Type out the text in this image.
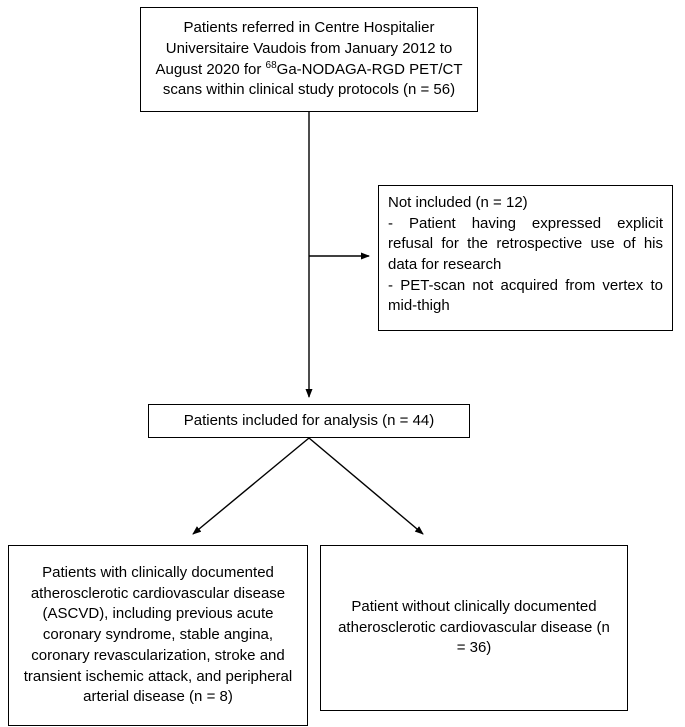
Patients referred in Centre Hospitalier Universitaire Vaudois from January 2012 to August 2020 for $^{68}$Ga-NODAGA-RGD PET/CT scans within clinical study protocols (n = 56)

Not included (n = 12)

- Patient having expressed explicit refusal for the retrospective use of his data for research

- PET-scan not acquired from vertex to mid-thigh

Patients included for analysis (n = 44)
Patients with clinically documented atherosclerotic cardiovascular disease (ASCVD), including previous acute coronary syndrome, stable angina, coronary revascularization, stroke and transient ischemic attack, and peripheral arterial disease (n = 8)
Patient without clinically documented atherosclerotic cardiovascular disease (n = 36)
